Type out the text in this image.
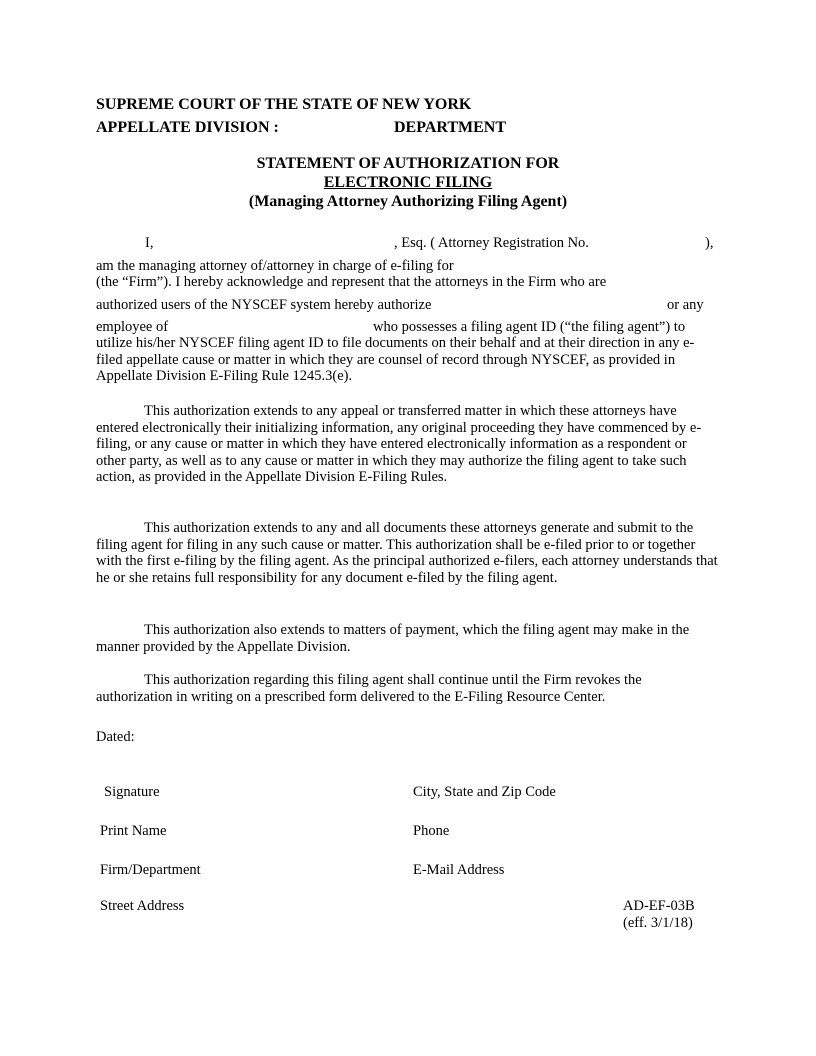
SUPREME COURT OF THE STATE OF NEW YORK
APPELLATE DIVISION :	DEPARTMENT
STATEMENT OF AUTHORIZATION FOR
ELECTRONIC FILING
(Managing Attorney Authorizing Filing Agent)
I,	, Esq. ( Attorney Registration No.	),
am the managing attorney of/attorney in charge of e-filing for
(the “Firm”). I hereby acknowledge and represent that the attorneys in the Firm who are
authorized users of the NYSCEF system hereby authorize	or any
employee of	who possesses a filing agent ID (“the filing agent”) to
utilize his/her NYSCEF filing agent ID to file documents on their behalf and at their direction in any e-filed appellate cause or matter in which they are counsel of record through NYSCEF, as provided in Appellate Division E-Filing Rule 1245.3(e).
This authorization extends to any appeal or transferred matter in which these attorneys have entered electronically their initializing information, any original proceeding they have commenced by e-filing, or any cause or matter in which they have entered electronically information as a respondent or other party, as well as to any cause or matter in which they may authorize the filing agent to take such action, as provided in the Appellate Division E-Filing Rules.
This authorization extends to any and all documents these attorneys generate and submit to the filing agent for filing in any such cause or matter. This authorization shall be e-filed prior to or together with the first e-filing by the filing agent. As the principal authorized e-filers, each attorney understands that he or she retains full responsibility for any document e-filed by the filing agent.
This authorization also extends to matters of payment, which the filing agent may make in the manner provided by the Appellate Division.
This authorization regarding this filing agent shall continue until the Firm revokes the authorization in writing on a prescribed form delivered to the E-Filing Resource Center.
Dated:
Signature	City, State and Zip Code
Print Name	Phone
Firm/Department	E-Mail Address
Street Address	AD-EF-03B
(eff. 3/1/18)
